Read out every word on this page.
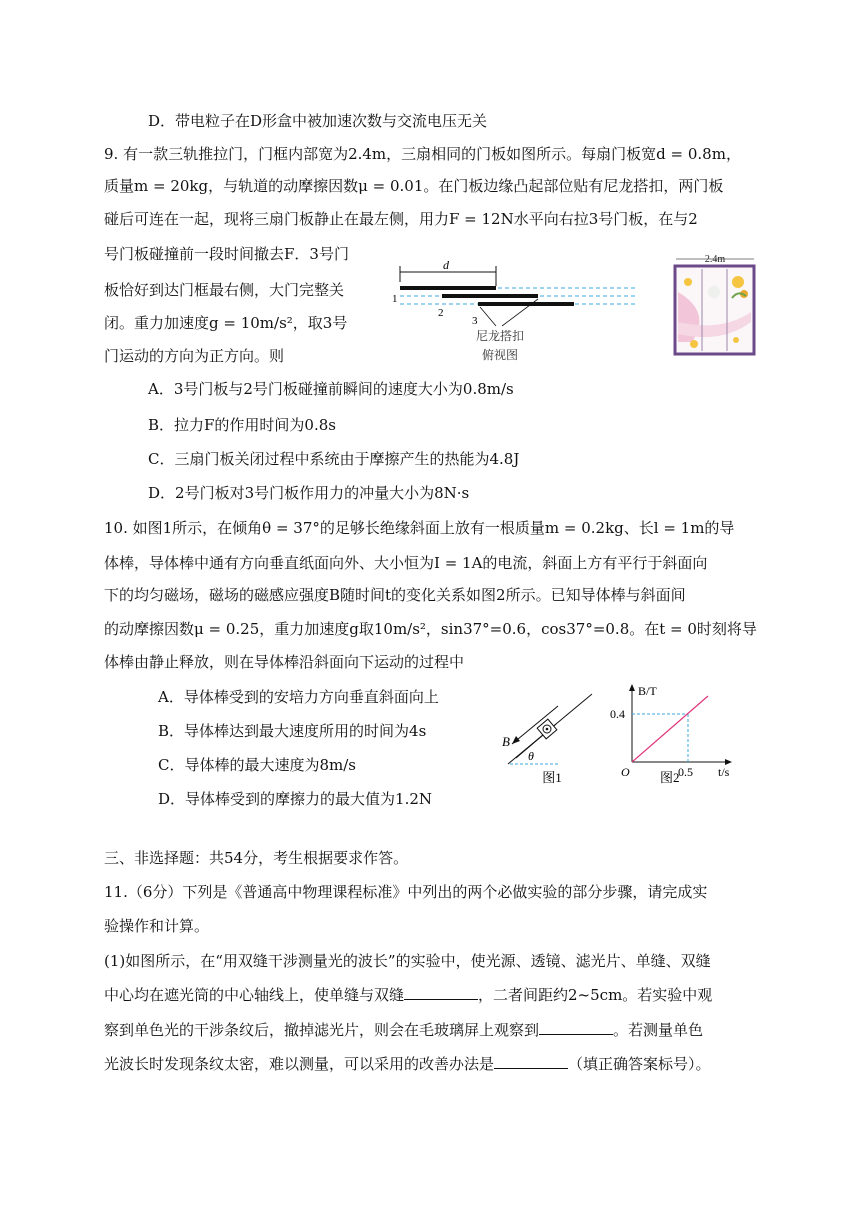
D．带电粒子在D形盒中被加速次数与交流电压无关
9. 有一款三轨推拉门，门框内部宽为2.4m，三扇相同的门板如图所示。每扇门板宽d = 0.8m，
质量m = 20kg，与轨道的动摩擦因数μ = 0.01。在门板边缘凸起部位贴有尼龙搭扣，两门板
碰后可连在一起，现将三扇门板静止在最左侧，用力F = 12N水平向右拉3号门板，在与2
号门板碰撞前一段时间撤去F．3号门
板恰好到达门框最右侧，大门完整关
闭。重力加速度g = 10m/s²，取3号
门运动的方向为正方向。则
d
1
2
3
尼龙搭扣
俯视图
2.4m
A．3号门板与2号门板碰撞前瞬间的速度大小为0.8m/s
B．拉力F的作用时间为0.8s
C．三扇门板关闭过程中系统由于摩擦产生的热能为4.8J
D．2号门板对3号门板作用力的冲量大小为8N·s
10. 如图1所示，在倾角θ = 37°的足够长绝缘斜面上放有一根质量m = 0.2kg、长l = 1m的导
体棒，导体棒中通有方向垂直纸面向外、大小恒为I = 1A的电流，斜面上方有平行于斜面向
下的均匀磁场，磁场的磁感应强度B随时间t的变化关系如图2所示。已知导体棒与斜面间
的动摩擦因数μ = 0.25，重力加速度g取10m/s²，sin37°=0.6，cos37°=0.8。在t = 0时刻将导
体棒由静止释放，则在导体棒沿斜面向下运动的过程中
A．导体棒受到的安培力方向垂直斜面向上
B．导体棒达到最大速度所用的时间为4s
C．导体棒的最大速度为8m/s
D．导体棒受到的摩擦力的最大值为1.2N
B
θ
图1
B/T
t/s
O
0.4
0.5
图2
三、非选择题：共54分，考生根据要求作答。
11.（6分）下列是《普通高中物理课程标准》中列出的两个必做实验的部分步骤，请完成实
验操作和计算。
(1)如图所示，在“用双缝干涉测量光的波长”的实验中，使光源、透镜、滤光片、单缝、双缝
中心均在遮光筒的中心轴线上，使单缝与双缝	，二者间距约2~5cm。若实验中观
察到单色光的干涉条纹后，撤掉滤光片，则会在毛玻璃屏上观察到	。若测量单色
光波长时发现条纹太密，难以测量，可以采用的改善办法是	（填正确答案标号）。
